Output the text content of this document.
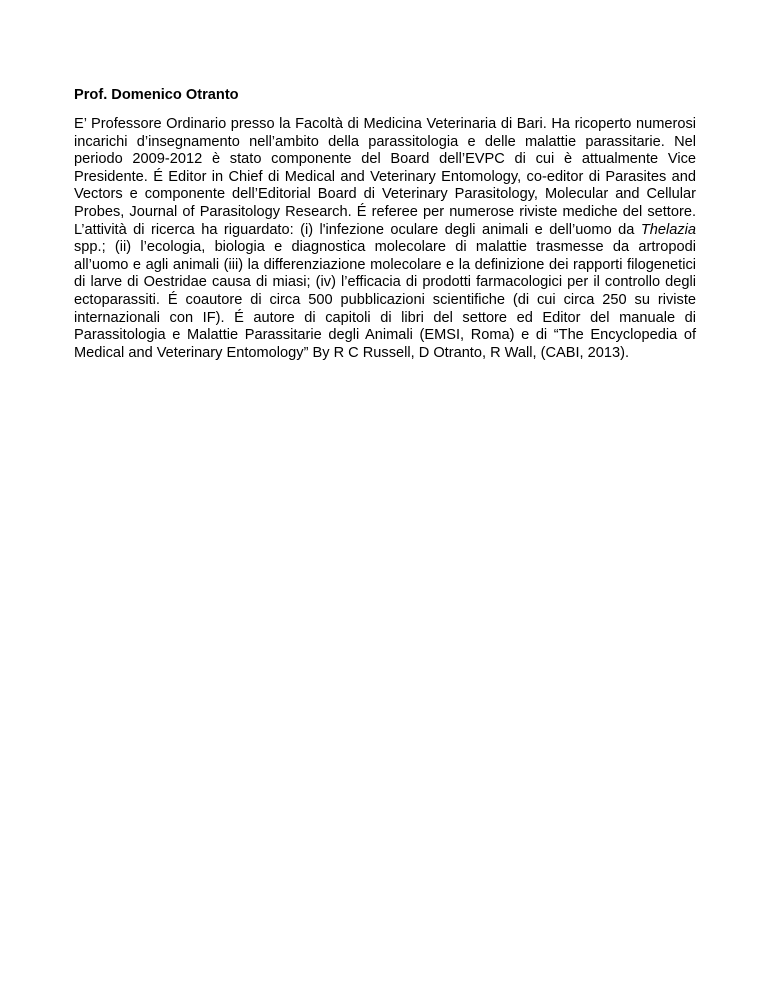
Prof. Domenico Otranto

E’ Professore Ordinario presso la Facoltà di Medicina Veterinaria di Bari. Ha ricoperto numerosi incarichi d’insegnamento nell’ambito della parassitologia e delle malattie parassitarie. Nel periodo 2009-2012 è stato componente del Board dell’EVPC di cui è attualmente Vice Presidente. É Editor in Chief di Medical and Veterinary Entomology, co-editor di Parasites and Vectors e componente dell’Editorial Board di Veterinary Parasitology, Molecular and Cellular Probes, Journal of Parasitology Research. É referee per numerose riviste mediche del settore. L’attività di ricerca ha riguardato: (i) l'infezione oculare degli animali e dell’uomo da Thelazia spp.; (ii) l’ecologia, biologia e diagnostica molecolare di malattie trasmesse da artropodi all’uomo e agli animali (iii) la differenziazione molecolare e la definizione dei rapporti filogenetici di larve di Oestridae causa di miasi; (iv) l’efficacia di prodotti farmacologici per il controllo degli ectoparassiti. É coautore di circa 500 pubblicazioni scientifiche (di cui circa 250 su riviste internazionali con IF). É autore di capitoli di libri del settore ed Editor del manuale di Parassitologia e Malattie Parassitarie degli Animali (EMSI, Roma) e di “The Encyclopedia of Medical and Veterinary Entomology” By R C Russell, D Otranto, R Wall, (CABI, 2013).
